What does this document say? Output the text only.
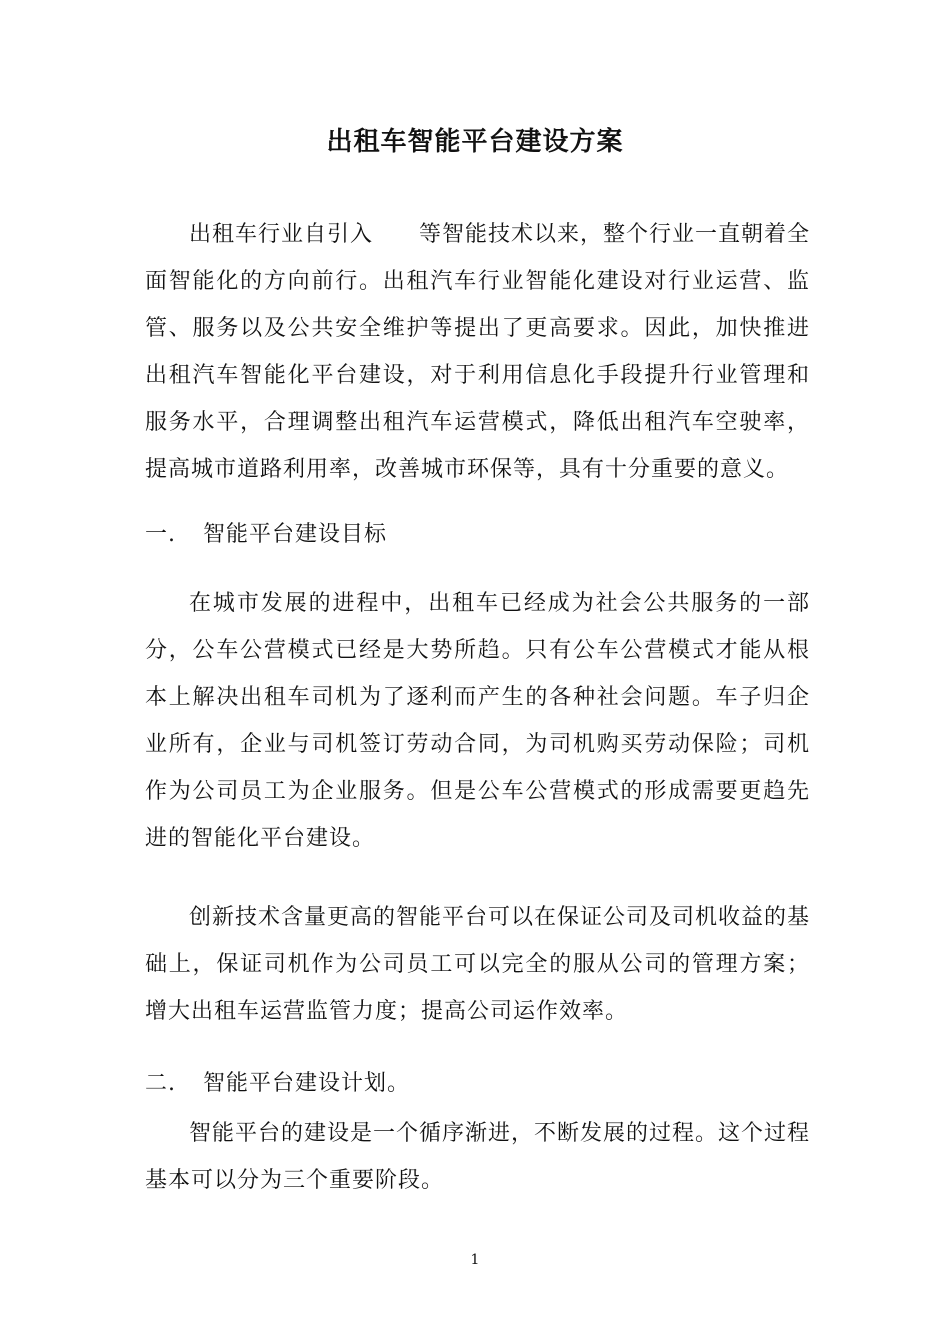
出租车智能平台建设方案

出租车行业自引入　　等智能技术以来，整个行业一直朝着全面智能化的方向前行。出租汽车行业智能化建设对行业运营、监管、服务以及公共安全维护等提出了更高要求。因此，加快推进出租汽车智能化平台建设，对于利用信息化手段提升行业管理和服务水平，合理调整出租汽车运营模式，降低出租汽车空驶率，提高城市道路利用率，改善城市环保等，具有十分重要的意义。

一. 智能平台建设目标

在城市发展的进程中，出租车已经成为社会公共服务的一部分，公车公营模式已经是大势所趋。只有公车公营模式才能从根本上解决出租车司机为了逐利而产生的各种社会问题。车子归企业所有，企业与司机签订劳动合同，为司机购买劳动保险；司机作为公司员工为企业服务。但是公车公营模式的形成需要更趋先进的智能化平台建设。

创新技术含量更高的智能平台可以在保证公司及司机收益的基础上，保证司机作为公司员工可以完全的服从公司的管理方案；增大出租车运营监管力度；提高公司运作效率。

二. 智能平台建设计划。

智能平台的建设是一个循序渐进，不断发展的过程。这个过程基本可以分为三个重要阶段。

1
